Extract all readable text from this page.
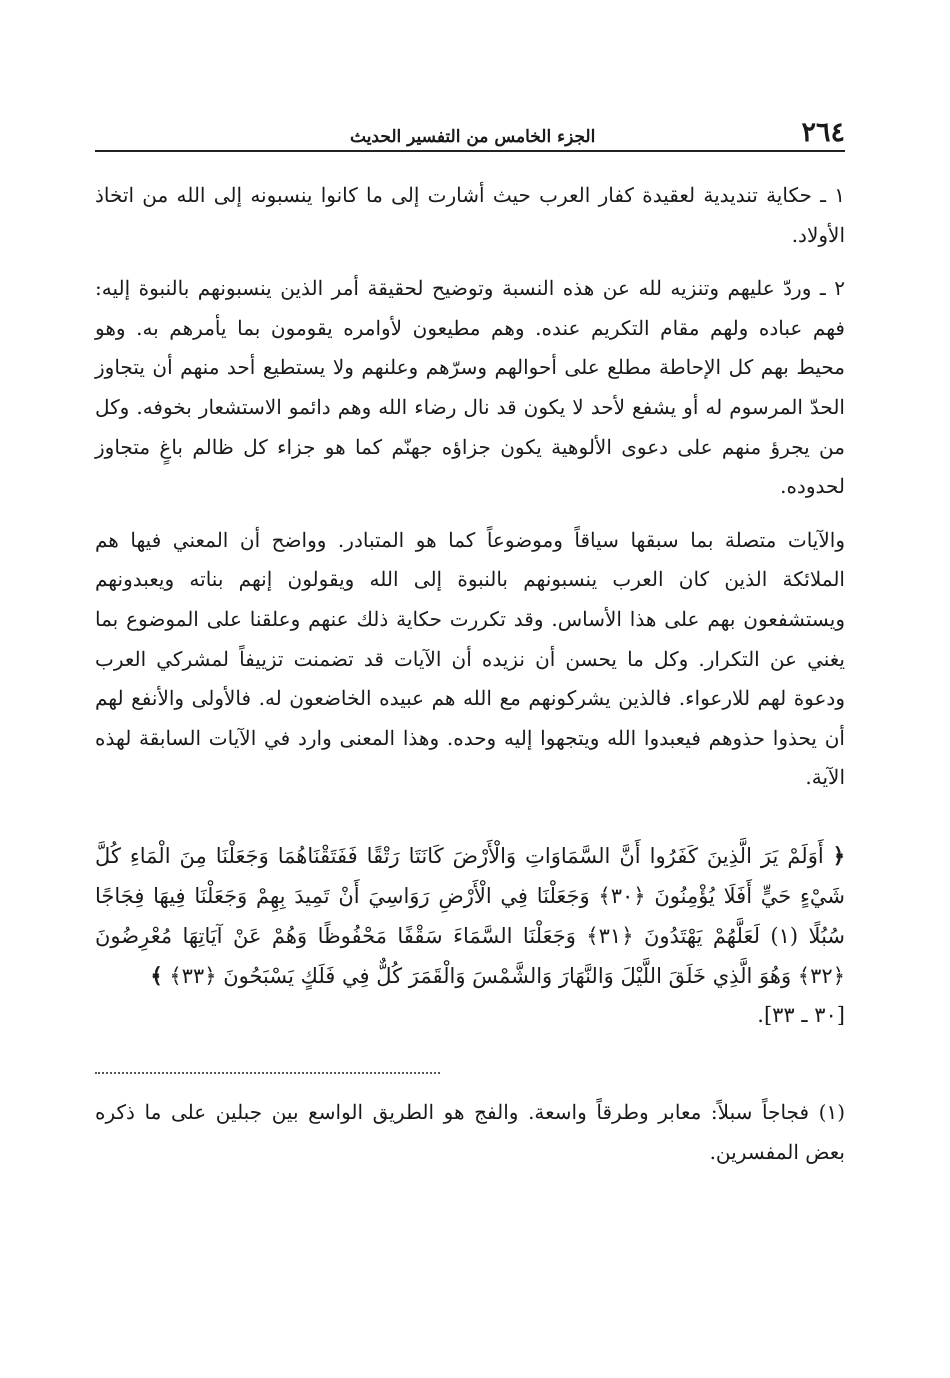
٢٦٤
الجزء الخامس من التفسير الحديث

١ ـ حكاية تنديدية لعقيدة كفار العرب حيث أشارت إلى ما كانوا ينسبونه إلى الله من اتخاذ الأولاد.

٢ ـ وردّ عليهم وتنزيه لله عن هذه النسبة وتوضيح لحقيقة أمر الذين ينسبونهم بالنبوة إليه: فهم عباده ولهم مقام التكريم عنده. وهم مطيعون لأوامره يقومون بما يأمرهم به. وهو محيط بهم كل الإحاطة مطلع على أحوالهم وسرّهم وعلنهم ولا يستطيع أحد منهم أن يتجاوز الحدّ المرسوم له أو يشفع لأحد لا يكون قد نال رضاء الله وهم دائمو الاستشعار بخوفه. وكل من يجرؤ منهم على دعوى الألوهية يكون جزاؤه جهنّم كما هو جزاء كل ظالم باغٍ متجاوز لحدوده.

والآيات متصلة بما سبقها سياقاً وموضوعاً كما هو المتبادر. وواضح أن المعني فيها هم الملائكة الذين كان العرب ينسبونهم بالنبوة إلى الله ويقولون إنهم بناته ويعبدونهم ويستشفعون بهم على هذا الأساس. وقد تكررت حكاية ذلك عنهم وعلقنا على الموضوع بما يغني عن التكرار. وكل ما يحسن أن نزيده أن الآيات قد تضمنت تزييفاً لمشركي العرب ودعوة لهم للارعواء. فالذين يشركونهم مع الله هم عبيده الخاضعون له. فالأولى والأنفع لهم أن يحذوا حذوهم فيعبدوا الله ويتجهوا إليه وحده. وهذا المعنى وارد في الآيات السابقة لهذه الآية.

﴿ أَوَلَمْ يَرَ الَّذِينَ كَفَرُوا أَنَّ السَّمَاوَاتِ وَالْأَرْضَ كَانَتَا رَتْقًا فَفَتَقْنَاهُمَا وَجَعَلْنَا مِنَ الْمَاءِ كُلَّ شَيْءٍ حَيٍّ أَفَلَا يُؤْمِنُونَ ﴿٣٠﴾ وَجَعَلْنَا فِي الْأَرْضِ رَوَاسِيَ أَنْ تَمِيدَ بِهِمْ وَجَعَلْنَا فِيهَا فِجَاجًا سُبُلًا (١) لَعَلَّهُمْ يَهْتَدُونَ ﴿٣١﴾ وَجَعَلْنَا السَّمَاءَ سَقْفًا مَحْفُوظًا وَهُمْ عَنْ آيَاتِهَا مُعْرِضُونَ ﴿٣٢﴾ وَهُوَ الَّذِي خَلَقَ اللَّيْلَ وَالنَّهَارَ وَالشَّمْسَ وَالْقَمَرَ كُلٌّ فِي فَلَكٍ يَسْبَحُونَ ﴿٣٣﴾ ﴾
[٣٠ ـ ٣٣].

(١) فجاجاً سبلاً: معابر وطرقاً واسعة. والفج هو الطريق الواسع بين جبلين على ما ذكره بعض المفسرين.
